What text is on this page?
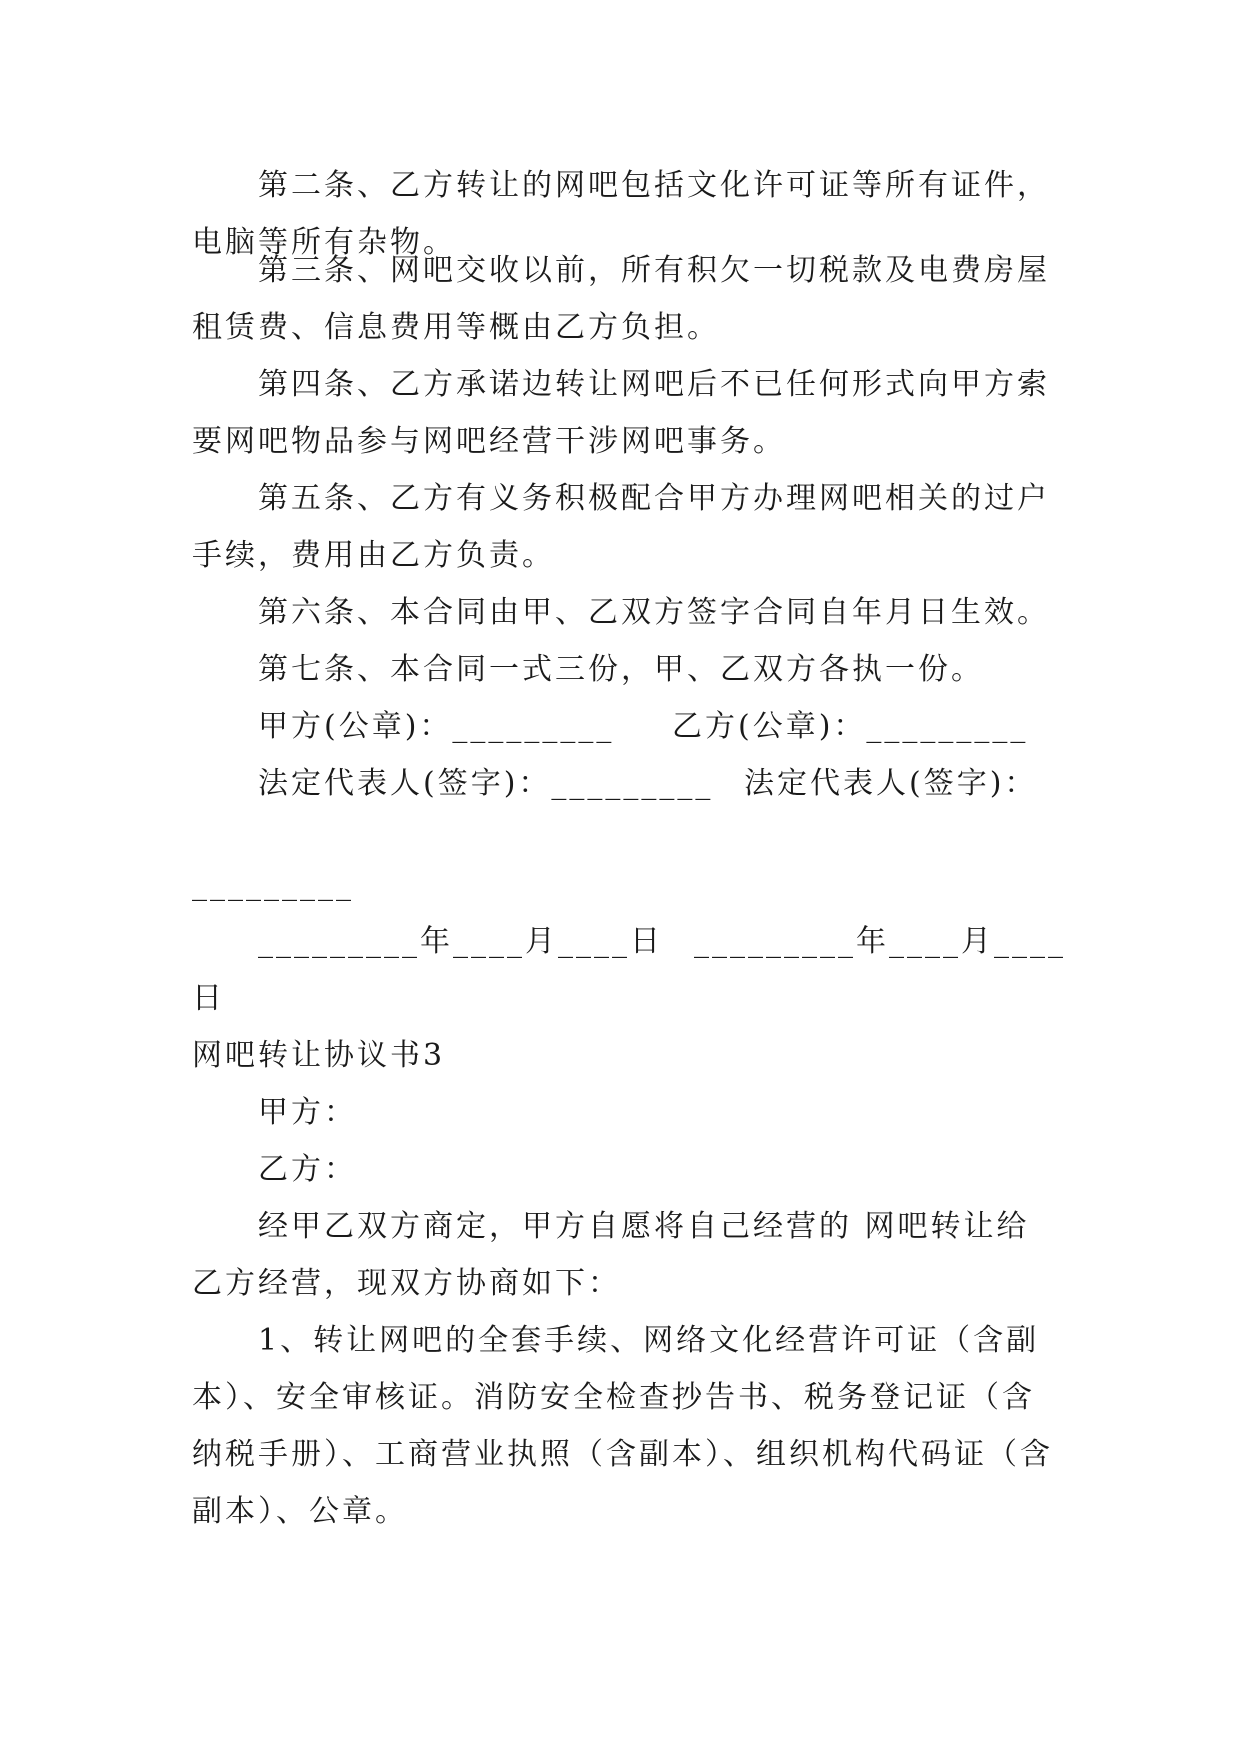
第二条、乙方转让的网吧包括文化许可证等所有证件，
电脑等所有杂物。
第三条、网吧交收以前，所有积欠一切税款及电费房屋
租赁费、信息费用等概由乙方负担。
第四条、乙方承诺边转让网吧后不已任何形式向甲方索
要网吧物品参与网吧经营干涉网吧事务。
第五条、乙方有义务积极配合甲方办理网吧相关的过户
手续，费用由乙方负责。
第六条、本合同由甲、乙双方签字合同自年月日生效。
第七条、本合同一式三份，甲、乙双方各执一份。
甲方(公章)：_________ 乙方(公章)：_________
法定代表人(签字)：_________ 法定代表人(签字)：
_________
_________年____月____日 _________年____月____
日
网吧转让协议书3
甲方：
乙方：
经甲乙双方商定，甲方自愿将自己经营的 网吧转让给
乙方经营，现双方协商如下：
1、转让网吧的全套手续、网络文化经营许可证（含副
本）、安全审核证。消防安全检查抄告书、税务登记证（含
纳税手册）、工商营业执照（含副本）、组织机构代码证（含
副本）、公章。
